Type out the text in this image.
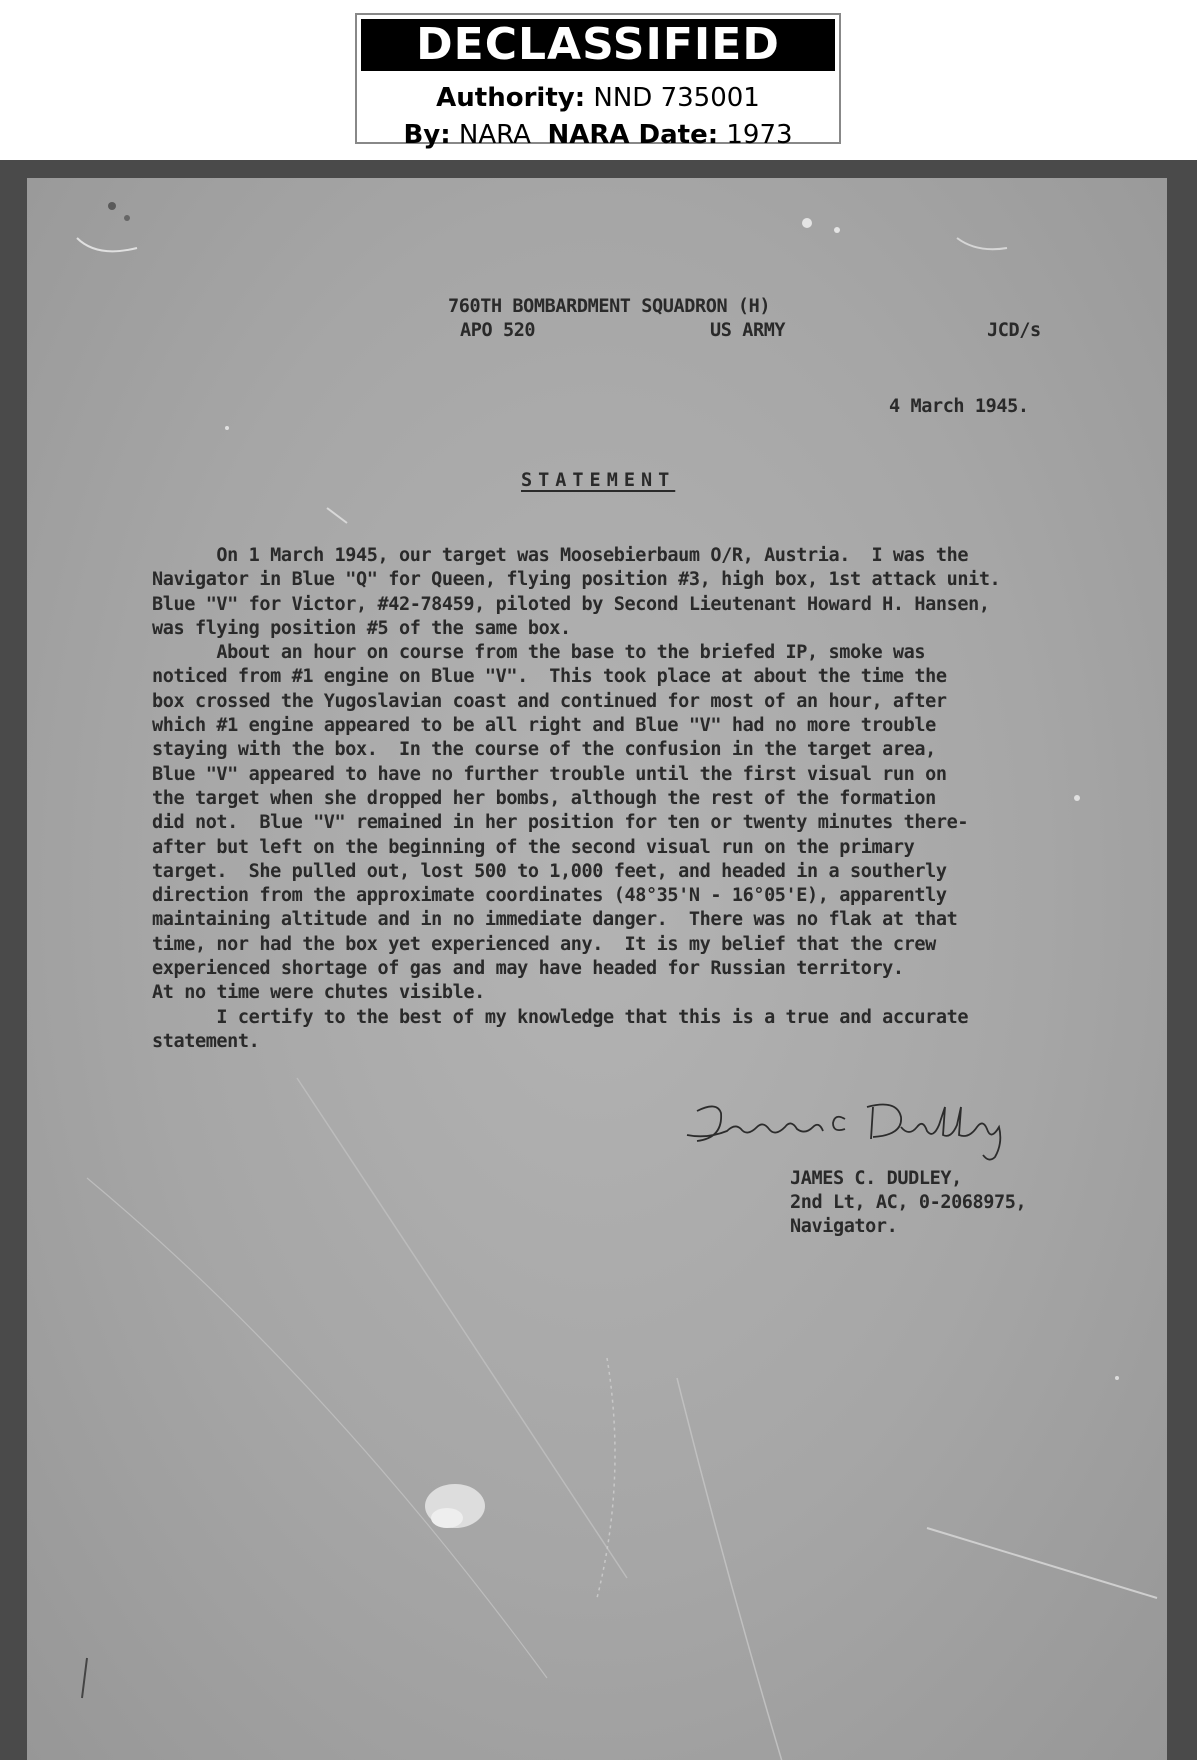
DECLASSIFIED
Authority: NND 735001
By: NARA NARA Date: 1973
760TH BOMBARDMENT SQUADRON (H)
APO 520	US ARMY	JCD/s
4 March 1945.
STATEMENT
On 1 March 1945, our target was Moosebierbaum O/R, Austria.  I was the
Navigator in Blue "Q" for Queen, flying position #3, high box, 1st attack unit.
Blue "V" for Victor, #42-78459, piloted by Second Lieutenant Howard H. Hansen,
was flying position #5 of the same box.
About an hour on course from the base to the briefed IP, smoke was
noticed from #1 engine on Blue "V".  This took place at about the time the
box crossed the Yugoslavian coast and continued for most of an hour, after
which #1 engine appeared to be all right and Blue "V" had no more trouble
staying with the box.  In the course of the confusion in the target area,
Blue "V" appeared to have no further trouble until the first visual run on
the target when she dropped her bombs, although the rest of the formation
did not.  Blue "V" remained in her position for ten or twenty minutes there-
after but left on the beginning of the second visual run on the primary
target.  She pulled out, lost 500 to 1,000 feet, and headed in a southerly
direction from the approximate coordinates (48°35'N - 16°05'E), apparently
maintaining altitude and in no immediate danger.  There was no flak at that
time, nor had the box yet experienced any.  It is my belief that the crew
experienced shortage of gas and may have headed for Russian territory.
At no time were chutes visible.
I certify to the best of my knowledge that this is a true and accurate
statement.
JAMES C. DUDLEY,
2nd Lt, AC, 0-2068975,
Navigator.
